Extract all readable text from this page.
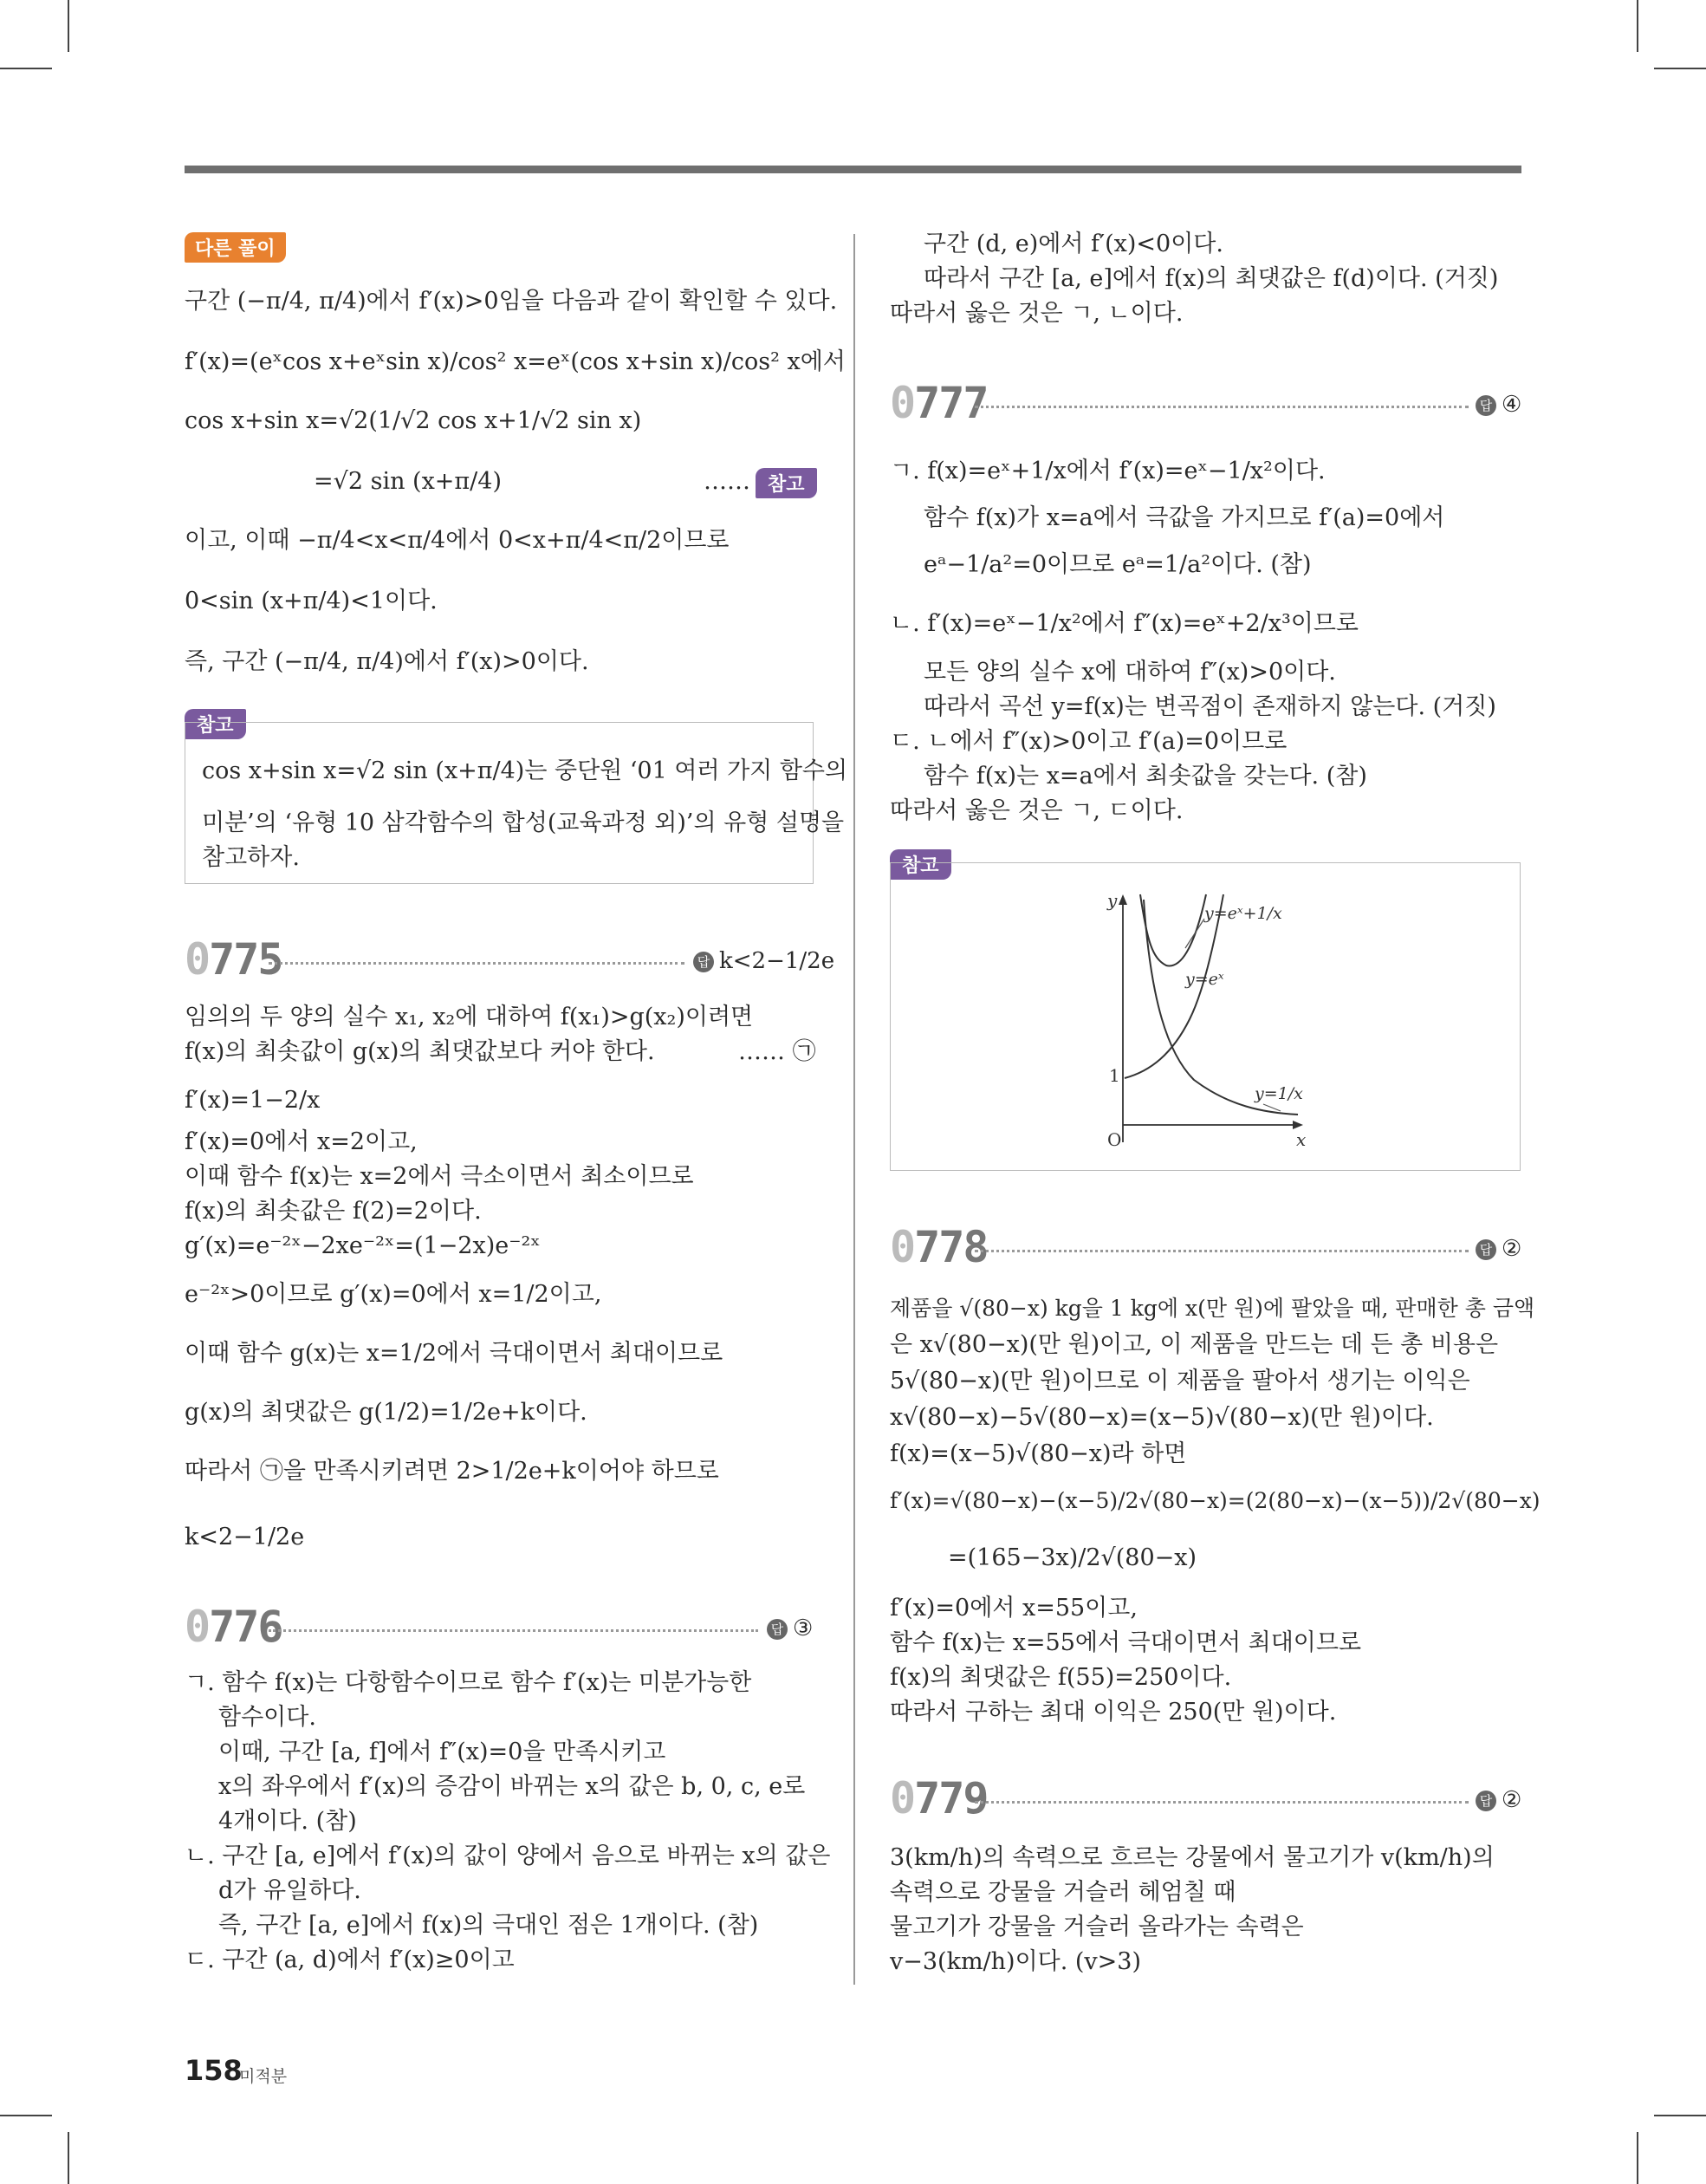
다른 풀이
구간 (−π/4, π/4)에서 f′(x)>0임을 다음과 같이 확인할 수 있다.
f′(x)=(eˣcos x+eˣsin x)/cos² x=eˣ(cos x+sin x)/cos² x에서
cos x+sin x=√2(1/√2 cos x+1/√2 sin x)
=√2 sin (x+π/4)	…… 참고
이고, 이때 −π/4<x<π/4에서 0<x+π/4<π/2이므로
0<sin (x+π/4)<1이다.
즉, 구간 (−π/4, π/4)에서 f′(x)>0이다.
참고
cos x+sin x=√2 sin (x+π/4)는 중단원 ‘01 여러 가지 함수의
미분’의 ‘유형 10 삼각함수의 합성(교육과정 외)’의 유형 설명을
참고하자.
0775	답 k<2−1/2e
임의의 두 양의 실수 x₁, x₂에 대하여 f(x₁)>g(x₂)이려면
f(x)의 최솟값이 g(x)의 최댓값보다 커야 한다.	…… ㉠
f′(x)=1−2/x
f′(x)=0에서 x=2이고,
이때 함수 f(x)는 x=2에서 극소이면서 최소이므로
f(x)의 최솟값은 f(2)=2이다.
g′(x)=e⁻²ˣ−2xe⁻²ˣ=(1−2x)e⁻²ˣ
e⁻²ˣ>0이므로 g′(x)=0에서 x=1/2이고,
이때 함수 g(x)는 x=1/2에서 극대이면서 최대이므로
g(x)의 최댓값은 g(1/2)=1/2e+k이다.
따라서 ㉠을 만족시키려면 2>1/2e+k이어야 하므로
k<2−1/2e
0776	답 ③
ㄱ. 함수 f(x)는 다항함수이므로 함수 f′(x)는 미분가능한
함수이다.
이때, 구간 [a, f]에서 f″(x)=0을 만족시키고
x의 좌우에서 f′(x)의 증감이 바뀌는 x의 값은 b, 0, c, e로
4개이다. (참)
ㄴ. 구간 [a, e]에서 f′(x)의 값이 양에서 음으로 바뀌는 x의 값은
d가 유일하다.
즉, 구간 [a, e]에서 f(x)의 극대인 점은 1개이다. (참)
ㄷ. 구간 (a, d)에서 f′(x)≥0이고
구간 (d, e)에서 f′(x)<0이다.
따라서 구간 [a, e]에서 f(x)의 최댓값은 f(d)이다. (거짓)
따라서 옳은 것은 ㄱ, ㄴ이다.
0777	답 ④
ㄱ. f(x)=eˣ+1/x에서 f′(x)=eˣ−1/x²이다.
함수 f(x)가 x=a에서 극값을 가지므로 f′(a)=0에서
eᵃ−1/a²=0이므로 eᵃ=1/a²이다. (참)
ㄴ. f′(x)=eˣ−1/x²에서 f″(x)=eˣ+2/x³이므로
모든 양의 실수 x에 대하여 f″(x)>0이다.
따라서 곡선 y=f(x)는 변곡점이 존재하지 않는다. (거짓)
ㄷ. ㄴ에서 f″(x)>0이고 f′(a)=0이므로
함수 f(x)는 x=a에서 최솟값을 갖는다. (참)
따라서 옳은 것은 ㄱ, ㄷ이다.
참고
y
x
O
1
y=eˣ+1/x
y=eˣ
y=1/x
0778	답 ②
제품을 √(80−x) kg을 1 kg에 x(만 원)에 팔았을 때, 판매한 총 금액
은 x√(80−x)(만 원)이고, 이 제품을 만드는 데 든 총 비용은
5√(80−x)(만 원)이므로 이 제품을 팔아서 생기는 이익은
x√(80−x)−5√(80−x)=(x−5)√(80−x)(만 원)이다.
f(x)=(x−5)√(80−x)라 하면
f′(x)=√(80−x)−(x−5)/2√(80−x)=(2(80−x)−(x−5))/2√(80−x)
=(165−3x)/2√(80−x)
f′(x)=0에서 x=55이고,
함수 f(x)는 x=55에서 극대이면서 최대이므로
f(x)의 최댓값은 f(55)=250이다.
따라서 구하는 최대 이익은 250(만 원)이다.
0779	답 ②
3(km/h)의 속력으로 흐르는 강물에서 물고기가 v(km/h)의
속력으로 강물을 거슬러 헤엄칠 때
물고기가 강물을 거슬러 올라가는 속력은
v−3(km/h)이다. (v>3)
158
미적분
